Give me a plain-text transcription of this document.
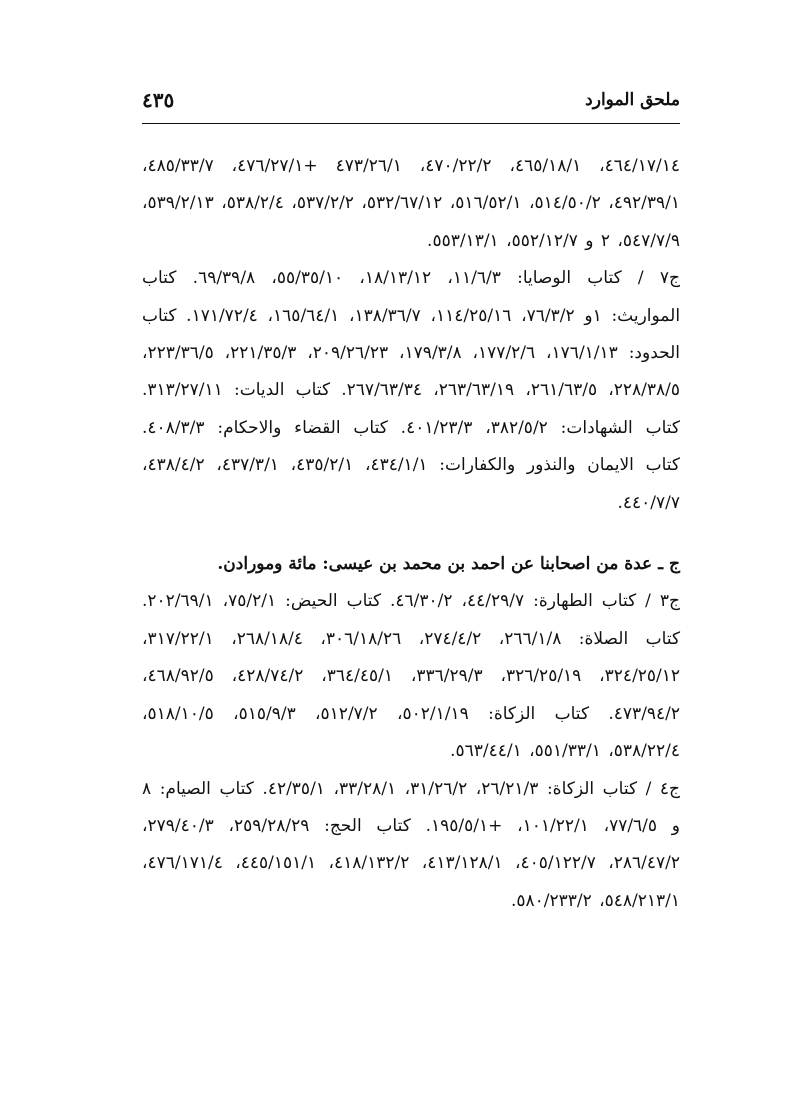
ملحق الموارد
٤٣٥

٤٦٤/١٧/١٤، ٤٦٥/١٨/١، ٤٧٠/٢٢/٢، ٤٧٣/٢٦/١ +٤٧٦/٢٧/١، ٤٨٥/٣٣/٧، ٤٩٢/٣٩/١، ٥١٤/٥٠/٢، ٥١٦/٥٢/١، ٥٣٢/٦٧/١٢، ٥٣٧/٢/٢، ٥٣٨/٢/٤، ٥٣٩/٢/١٣، ٥٤٧/٧/٩، ٢ و ٥٥٢/١٢/٧، ٥٥٣/١٣/١.

ج٧ / كتاب الوصايا: ١١/٦/٣، ١٨/١٣/١٢، ٥٥/٣٥/١٠، ٦٩/٣٩/٨. كتاب المواريث: ١و ٧٦/٣/٢، ١١٤/٢٥/١٦، ١٣٨/٣٦/٧، ١٦٥/٦٤/١، ١٧١/٧٢/٤. كتاب الحدود: ١٧٦/١/١٣، ١٧٧/٢/٦، ١٧٩/٣/٨، ٢٠٩/٢٦/٢٣، ٢٢١/٣٥/٣، ٢٢٣/٣٦/٥، ٢٢٨/٣٨/٥، ٢٦١/٦٣/٥، ٢٦٣/٦٣/١٩، ٢٦٧/٦٣/٣٤. كتاب الديات: ٣١٣/٢٧/١١. كتاب الشهادات: ٣٨٢/٥/٢، ٤٠١/٢٣/٣. كتاب القضاء والاحكام: ٤٠٨/٣/٣. كتاب الايمان والنذور والكفارات: ٤٣٤/١/١، ٤٣٥/٢/١، ٤٣٧/٣/١، ٤٣٨/٤/٢، ٤٤٠/٧/٧.

ج ـ عدة من اصحابنا عن احمد بن محمد بن عيسى: مائة ومورادن.

ج٣ / كتاب الطهارة: ٤٤/٢٩/٧، ٤٦/٣٠/٢. كتاب الحيض: ٧٥/٢/١، ٢٠٢/٦٩/١. كتاب الصلاة: ٢٦٦/١/٨، ٢٧٤/٤/٢، ٣٠٦/١٨/٢٦، ٢٦٨/١٨/٤، ٣١٧/٢٢/١، ٣٢٤/٢٥/١٢، ٣٢٦/٢٥/١٩، ٣٣٦/٢٩/٣، ٣٦٤/٤٥/١، ٤٢٨/٧٤/٢، ٤٦٨/٩٢/٥، ٤٧٣/٩٤/٢. كتاب الزكاة: ٥٠٢/١/١٩، ٥١٢/٧/٢، ٥١٥/٩/٣، ٥١٨/١٠/٥، ٥٣٨/٢٢/٤، ٥٥١/٣٣/١، ٥٦٣/٤٤/١.

ج٤ / كتاب الزكاة: ٢٦/٢١/٣، ٣١/٢٦/٢، ٣٣/٢٨/١، ٤٢/٣٥/١. كتاب الصيام: ٨ و ٧٧/٦/٥، ١٠١/٢٢/١، +١٩٥/٥/١. كتاب الحج: ٢٥٩/٢٨/٢٩، ٢٧٩/٤٠/٣، ٢٨٦/٤٧/٢، ٤٠٥/١٢٢/٧، ٤١٣/١٢٨/١، ٤١٨/١٣٢/٢، ٤٤٥/١٥١/١، ٤٧٦/١٧١/٤، ٥٤٨/٢١٣/١، ٥٨٠/٢٣٣/٢.
